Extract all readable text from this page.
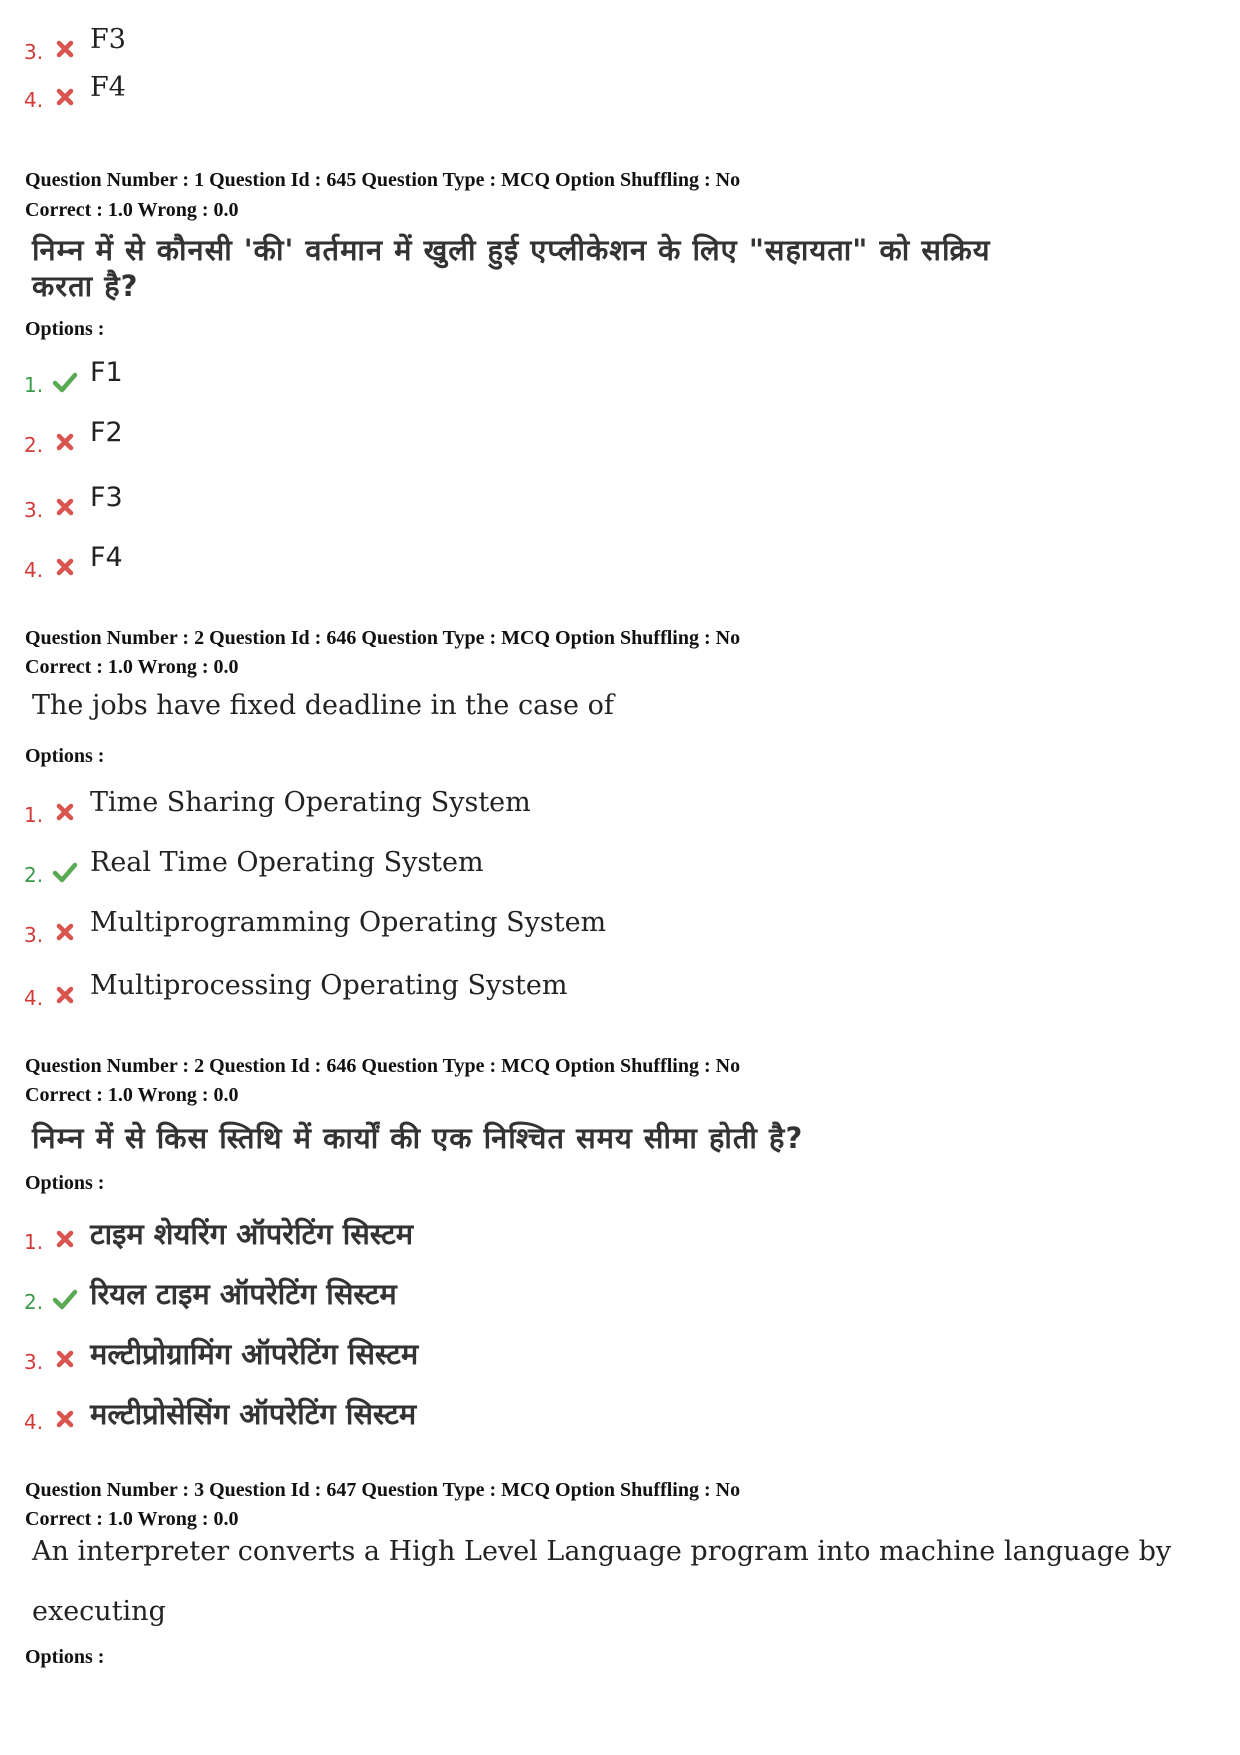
3. F3
4. F4
Question Number : 1 Question Id : 645 Question Type : MCQ Option Shuffling : No
Correct : 1.0 Wrong : 0.0
निम्न में से कौनसी 'की' वर्तमान में खुली हुई एप्लीकेशन के लिए "सहायता" को सक्रिय करता है?
Options :
1. F1
2. F2
3. F3
4. F4
Question Number : 2 Question Id : 646 Question Type : MCQ Option Shuffling : No
Correct : 1.0 Wrong : 0.0
The jobs have fixed deadline in the case of
Options :
1. Time Sharing Operating System
2. Real Time Operating System
3. Multiprogramming Operating System
4. Multiprocessing Operating System
Question Number : 2 Question Id : 646 Question Type : MCQ Option Shuffling : No
Correct : 1.0 Wrong : 0.0
निम्न में से किस स्तिथि में कार्यों की एक निश्चित समय सीमा होती है?
Options :
1. टाइम शेयरिंग ऑपरेटिंग सिस्टम
2. रियल टाइम ऑपरेटिंग सिस्टम
3. मल्टीप्रोग्रामिंग ऑपरेटिंग सिस्टम
4. मल्टीप्रोसेसिंग ऑपरेटिंग सिस्टम
Question Number : 3 Question Id : 647 Question Type : MCQ Option Shuffling : No
Correct : 1.0 Wrong : 0.0
An interpreter converts a High Level Language program into machine language by
executing
Options :
